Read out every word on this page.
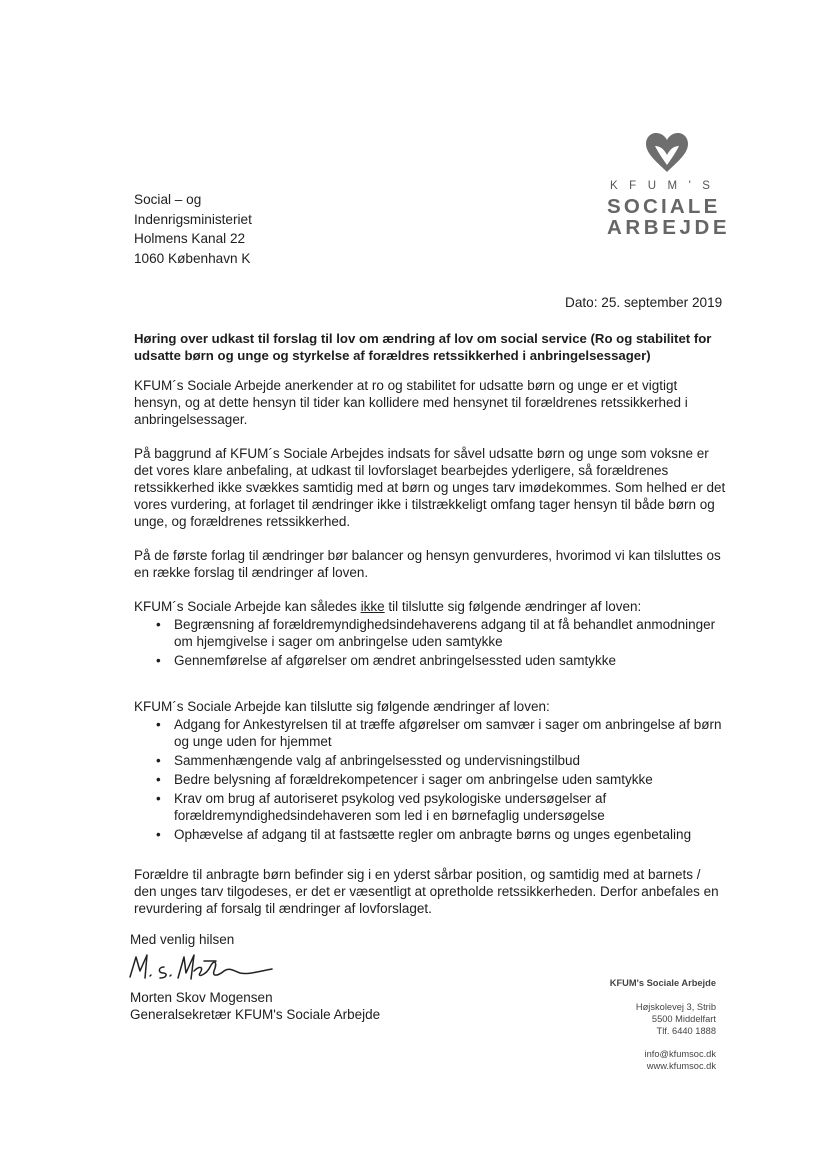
Social – og
Indenrigsministeriet
Holmens Kanal 22
1060 København K
KFUM'S
SOCIALE
ARBEJDE
Dato: 25. september 2019
Høring over udkast til forslag til lov om ændring af lov om social service (Ro og stabilitet for udsatte børn og unge og styrkelse af forældres retssikkerhed i anbringelsessager)

KFUM´s Sociale Arbejde anerkender at ro og stabilitet for udsatte børn og unge er et vigtigt hensyn, og at dette hensyn til tider kan kollidere med hensynet til forældrenes retssikkerhed i anbringelsessager.

På baggrund af KFUM´s Sociale Arbejdes indsats for såvel udsatte børn og unge som voksne er det vores klare anbefaling, at udkast til lovforslaget bearbejdes yderligere, så forældrenes retssikkerhed ikke svækkes samtidig med at børn og unges tarv imødekommes. Som helhed er det vores vurdering, at forlaget til ændringer ikke i tilstrækkeligt omfang tager hensyn til både børn og unge, og forældrenes retssikkerhed.

På de første forlag til ændringer bør balancer og hensyn genvurderes, hvorimod vi kan tilsluttes os en række forslag til ændringer af loven.

KFUM´s Sociale Arbejde kan således ikke til tilslutte sig følgende ændringer af loven:

• Begrænsning af forældremyndighedsindehaverens adgang til at få behandlet anmodninger om hjemgivelse i sager om anbringelse uden samtykke
• Gennemførelse af afgørelser om ændret anbringelsessted uden samtykke

KFUM´s Sociale Arbejde kan tilslutte sig følgende ændringer af loven:

• Adgang for Ankestyrelsen til at træffe afgørelser om samvær i sager om anbringelse af børn og unge uden for hjemmet
• Sammenhængende valg af anbringelsessted og undervisningstilbud
• Bedre belysning af forældrekompetencer i sager om anbringelse uden samtykke
• Krav om brug af autoriseret psykolog ved psykologiske undersøgelser af forældremyndighedsindehaveren som led i en børnefaglig undersøgelse
• Ophævelse af adgang til at fastsætte regler om anbragte børns og unges egenbetaling

Forældre til anbragte børn befinder sig i en yderst sårbar position, og samtidig med at barnets / den unges tarv tilgodeses, er det er væsentligt at opretholde retssikkerheden. Derfor anbefales en revurdering af forsalg til ændringer af lovforslaget.

Med venlig hilsen
Morten Skov Mogensen
Generalsekretær KFUM's Sociale Arbejde
KFUM's Sociale Arbejde
Højskolevej 3, Strib
5500 Middelfart
Tlf. 6440 1888
info@kfumsoc.dk
www.kfumsoc.dk
